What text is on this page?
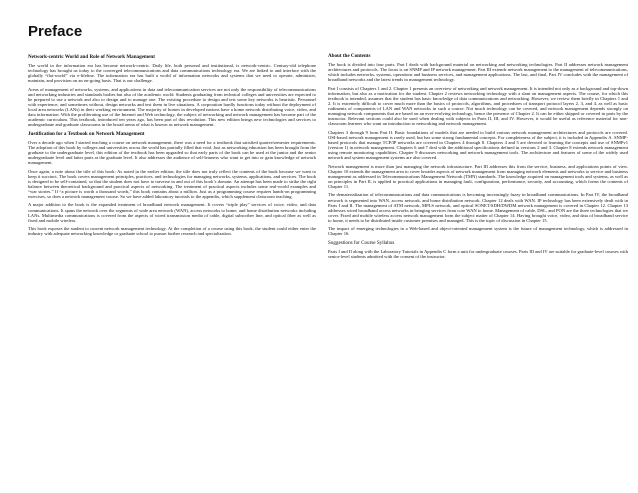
Preface
Network-centric World and Role of Network Management

The world in the information era has become network-centric. Daily life, both personal and institutional, is network-centric. Century-old telephone technology has brought us today to the converged telecommunications and data communications technology era. We are linked to and interface with the globally “flat-world” via e-lifeline. The information era has built a world of information networks and systems that we need to operate, administer, maintain, and provision on an on-going basis. That is our challenge.

Areas of management of networks, systems, and applications in data and telecommunication services are not only the responsibility of telecommunications and networking industries and standards bodies but also of the academic world. Students graduating from technical colleges and universities are expected to be prepared to use a network and also to design and to manage one. The existing procedure to design and test some key networks is heuristic. Personnel with experience, and sometimes without, design networks and test them in live situations. A corporation hardly functions today without the deployment of local area networks (LANs) in their working environment. The majority of homes in developed nations have a home network distributing voice, video, and data information. With the proliferating use of the Internet and Web technology, the subject of networking and network management has become part of the academic curriculum. This textbook, introduced ten years ago, has been part of this revolution. This new edition brings new technologies and services to undergraduate and graduate classrooms in the broad arena of what is known as network management.

Justification for a Textbook on Network Management

Over a decade ago when I started teaching a course on network management, there was a need for a textbook that satisfied quarter/semester requirements. The adoption of this book by colleges and universities across the world has partially filled that void. Just as networking education has been brought from the graduate to the undergraduate level, this edition of the textbook has been upgraded so that early parts of the book can be used at the junior and the senior undergraduate level and latter parts at the graduate level. It also addresses the audience of self-learners who want to get into or gain knowledge of network management.

Once again, a note about the title of this book: As noted in the earlier edition, the title does not truly reflect the contents of the book because we want to keep it succinct. The book covers management principles, practices, and technologies for managing networks, systems, applications, and services. The book is designed to be self-contained, so that the student does not have to traverse in and out of this book’s domain. An attempt has been made to strike the right balance between theoretical background and practical aspects of networking. The treatment of practical aspects includes some real-world examples and “war stories.” If “a picture is worth a thousand words,” this book contains about a million. Just as a programming course requires hands-on programming exercises, so does a network management course. So we have added laboratory tutorials to the appendix, which supplement classroom teaching.

A major addition to the book is the expanded treatment of broadband network management. It covers “triple play” services of voice, video, and data communications. It spans the network over the segments of wide area network (WAN), access networks to home, and home distribution networks including LANs. Multimedia communications is covered from the aspects of wired transmission media of cable, digital subscriber line, and optical fiber as well as fixed and mobile wireless.

This book exposes the student to current network management technology. At the completion of a course using this book, the student could either enter the industry with adequate networking knowledge or graduate school to pursue further research and specialization.

About the Contents

The book is divided into four parts. Part I deals with background material on networking and networking technologies. Part II addresses network management architectures and protocols. The focus is on SNMP and IP network management. Part III extends network management to the management of telecommunications, which includes networks, systems, operations and business services, and management applications. The last, and final, Part IV concludes with the management of broadband networks and the latest trends in management technology.

Part I consists of Chapters 1 and 2. Chapter 1 presents an overview of networking and network management. It is intended not only as a background and top-down information, but also as a motivation for the student. Chapter 2 reviews networking technology with a slant on management aspects. The course, for which this textbook is intended, assumes that the student has basic knowledge of data communications and networking. However, we review them briefly in Chapters 1 and 2. It is extremely difficult to cover much more than the basics of protocols, algorithms, and procedures of transport protocol layers 2, 3, and 4, as well as basic rudiments of components of LAN and WAN networks in such a course. Not much technology can be covered, and network management depends strongly on managing network components that are based on an ever-evolving technology, hence the presence of Chapter 2. It can be either skipped or covered in parts by the instructor. Relevant sections could also be used when dealing with subjects in Parts II, III, and IV. However, it would be useful as reference material for non-classroom learners who want an introduction to networking and network management.

Chapters 3 through 9 form Part II. Basic foundations of models that are needed to build various network management architectures and protocols are covered. OSI-based network management is rarely used, but has some strong fundamental concepts. For completeness of the subject, it is included in Appendix A. SNMP-based protocols that manage TCP/IP networks are covered in Chapters 4 through 8. Chapters 4 and 5 are devoted to learning the concepts and use of SNMPv1 (version 1) in network management. Chapters 6 and 7 deal with the additional specifications defined in versions 2 and 3. Chapter 8 extends network management using remote monitoring capabilities. Chapter 9 discusses networking and network management tools. The architecture and features of some of the widely used network and system management systems are also covered.

Network management is more than just managing the network infrastructure. Part III addresses this from the service, business, and applications points of view. Chapter 10 extends the management area to cover broader aspects of network management from managing network elements and networks to service and business management as addressed in Telecommunications Management Network (TMN) standards. The knowledge acquired on management tools and systems, as well as on principles in Part II, is applied to practical applications in managing fault, configuration, performance, security, and accounting, which forms the contents of Chapter 11.

The dematerialization of telecommunications and data communications is becoming increasingly fuzzy in broadband communications. In Part IV, the broadband network is segmented into WAN, access network, and home distribution network. Chapter 12 deals with WAN. IP technology has been extensively dealt with in Parts I and II. The management of ATM network, MPLS network, and optical SONET/SDH/DWDM network management is covered in Chapter 12. Chapter 13 addresses wired broadband access networks in bringing services from core WAN to home. Management of cable, DSL, and PON are the three technologies that we cover. Fixed and mobile wireless access network management form the subject matter of Chapter 14. Having brought voice, video, and data of broadband service to home, it needs to be distributed inside customer premises and managed. This is the topic of discussion in Chapter 15.

The impact of emerging technologies in a Web-based and object-oriented management system is the future of management technology, which is addressed in Chapter 16.

Suggestions for Course Syllabus

Parts I and II along with the Laboratory Tutorials in Appendix C form a unit for undergraduate courses. Parts III and IV are suitable for graduate-level courses with senior-level students admitted with the consent of the instructor.
